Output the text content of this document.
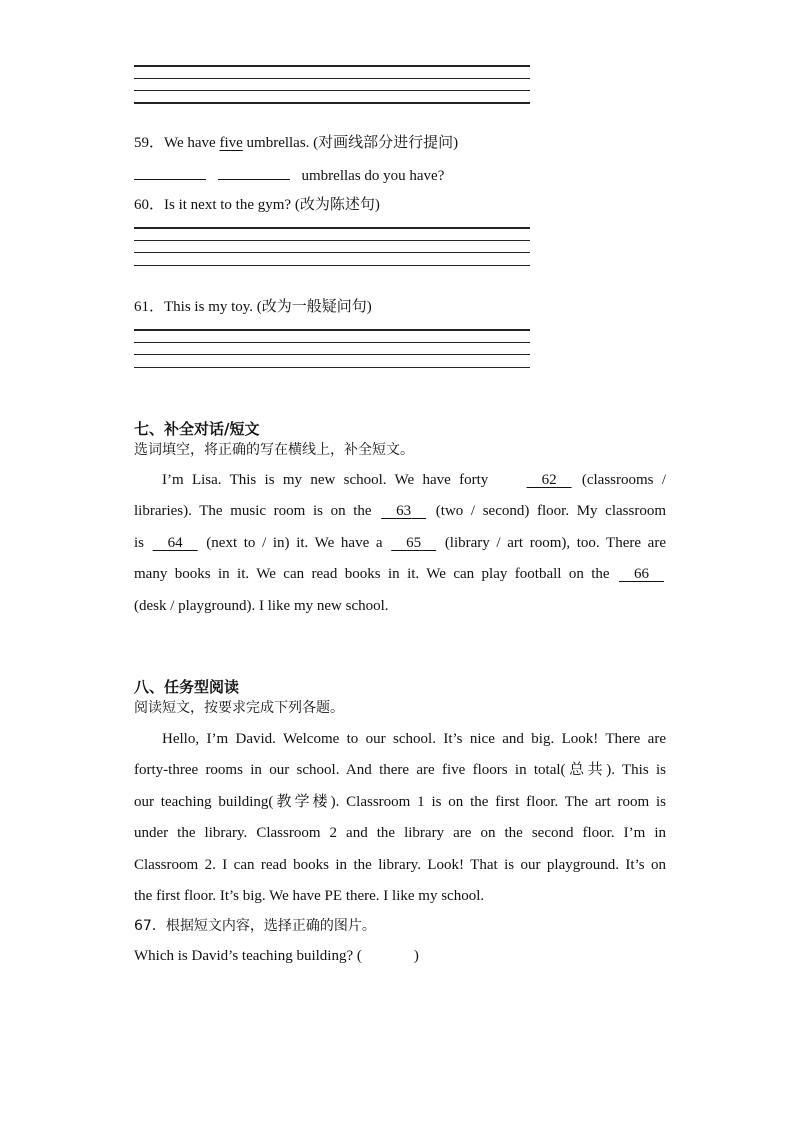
59．We have five umbrellas. (对画线部分进行提问)
umbrellas do you have?
60．Is it next to the gym? (改为陈述句)
61．This is my toy. (改为一般疑问句)
七、补全对话/短文
选词填空，将正确的写在横线上，补全短文。
I’m Lisa. This is my new school. We have forty	62     (classrooms /
libraries). The music room is on the     63     (two / second) floor. My classroom
is     64     (next to / in) it. We have a     65     (library / art room), too. There are
many books in it. We can read books in it. We can play football on the     66
(desk / playground). I like my new school.
八、任务型阅读
阅读短文，按要求完成下列各题。
Hello, I’m David. Welcome to our school. It’s nice and big. Look! There are
forty-three rooms in our school. And there are five floors in total(总共). This is
our teaching building(教学楼). Classroom 1 is on the first floor. The art room is
under the library. Classroom 2 and the library are on the second floor. I’m in
Classroom 2. I can read books in the library. Look! That is our playground. It’s on
the first floor. It’s big. We have PE there. I like my school.
67．根据短文内容，选择正确的图片。
Which is David’s teaching building? (	)
